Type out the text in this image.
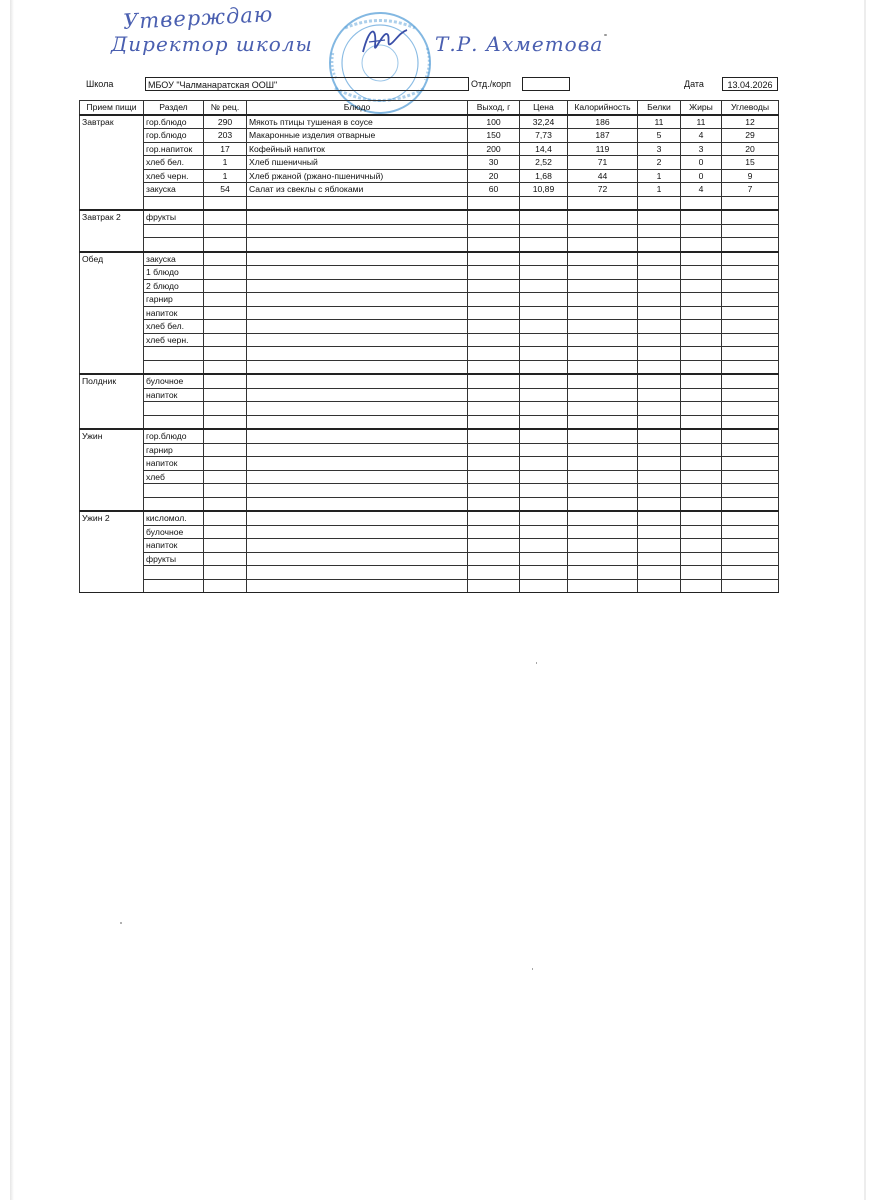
Утверждаю
Директор школы	Т.Р. Ахметова
Школа	МБОУ "Чалманаратская ООШ"	Отд./корп	Дата	13.04.2026
Прием пищи	Раздел	№ рец.	Блюдо	Выход, г	Цена	Калорийность	Белки	Жиры	Углеводы
Завтрак	гор.блюдо	290	Мякоть птицы тушеная в соусе	100	32,24	186	11	11	12
	гор.блюдо	203	Макаронные изделия отварные	150	7,73	187	5	4	29
	гор.напиток	17	Кофейный напиток	200	14,4	119	3	3	20
	хлеб бел.	1	Хлеб пшеничный	30	2,52	71	2	0	15
	хлеб черн.	1	Хлеб ржаной (ржано-пшеничный)	20	1,68	44	1	0	9
	закуска	54	Салат из свеклы с яблоками	60	10,89	72	1	4	7

Завтрак 2	фрукты								

Обед	закуска								
	1 блюдо								
	2 блюдо								
	гарнир								
	напиток								
	хлеб бел.								
	хлеб черн.								

Полдник	булочное								
	напиток								

Ужин	гор.блюдо								
	гарнир								
	напиток								
	хлеб								

Ужин 2	кисломол.								
	булочное								
	напиток								
	фрукты								
